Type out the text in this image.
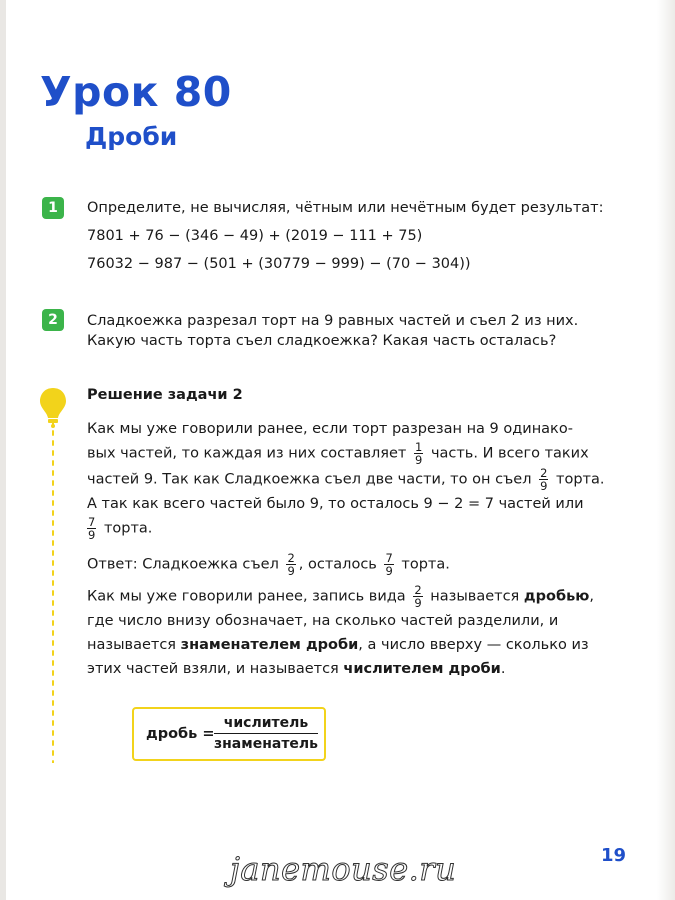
Урок 80
Дроби
1	Определите, не вычисляя, чётным или нечётным будет результат:
7801 + 76 − (346 − 49) + (2019 − 111 + 75)
76032 − 987 − (501 + (30779 − 999) − (70 − 304))
2	Сладкоежка разрезал торт на 9 равных частей и съел 2 из них.
Какую часть торта съел сладкоежка? Какая часть осталась?
Решение задачи 2
Как мы уже говорили ранее, если торт разрезан на 9 одинако-
вых частей, то каждая из них составляет $\frac{1}{9}$ часть. И всего таких
частей 9. Так как Сладкоежка съел две части, то он съел $\frac{2}{9}$ торта.
А так как всего частей было 9, то осталось 9 − 2 = 7 частей или
$\frac{7}{9}$ торта.
Ответ: Сладкоежка съел $\frac{2}{9}$ , осталось $\frac{7}{9}$ торта.
Как мы уже говорили ранее, запись вида $\frac{2}{9}$ называется дробью,
где число внизу обозначает, на сколько частей разделили, и
называется знаменателем дроби, а число вверху — сколько из
этих частей взяли, и называется числителем дроби.
дробь =
числитель
знаменатель
19
janemouse.ru
